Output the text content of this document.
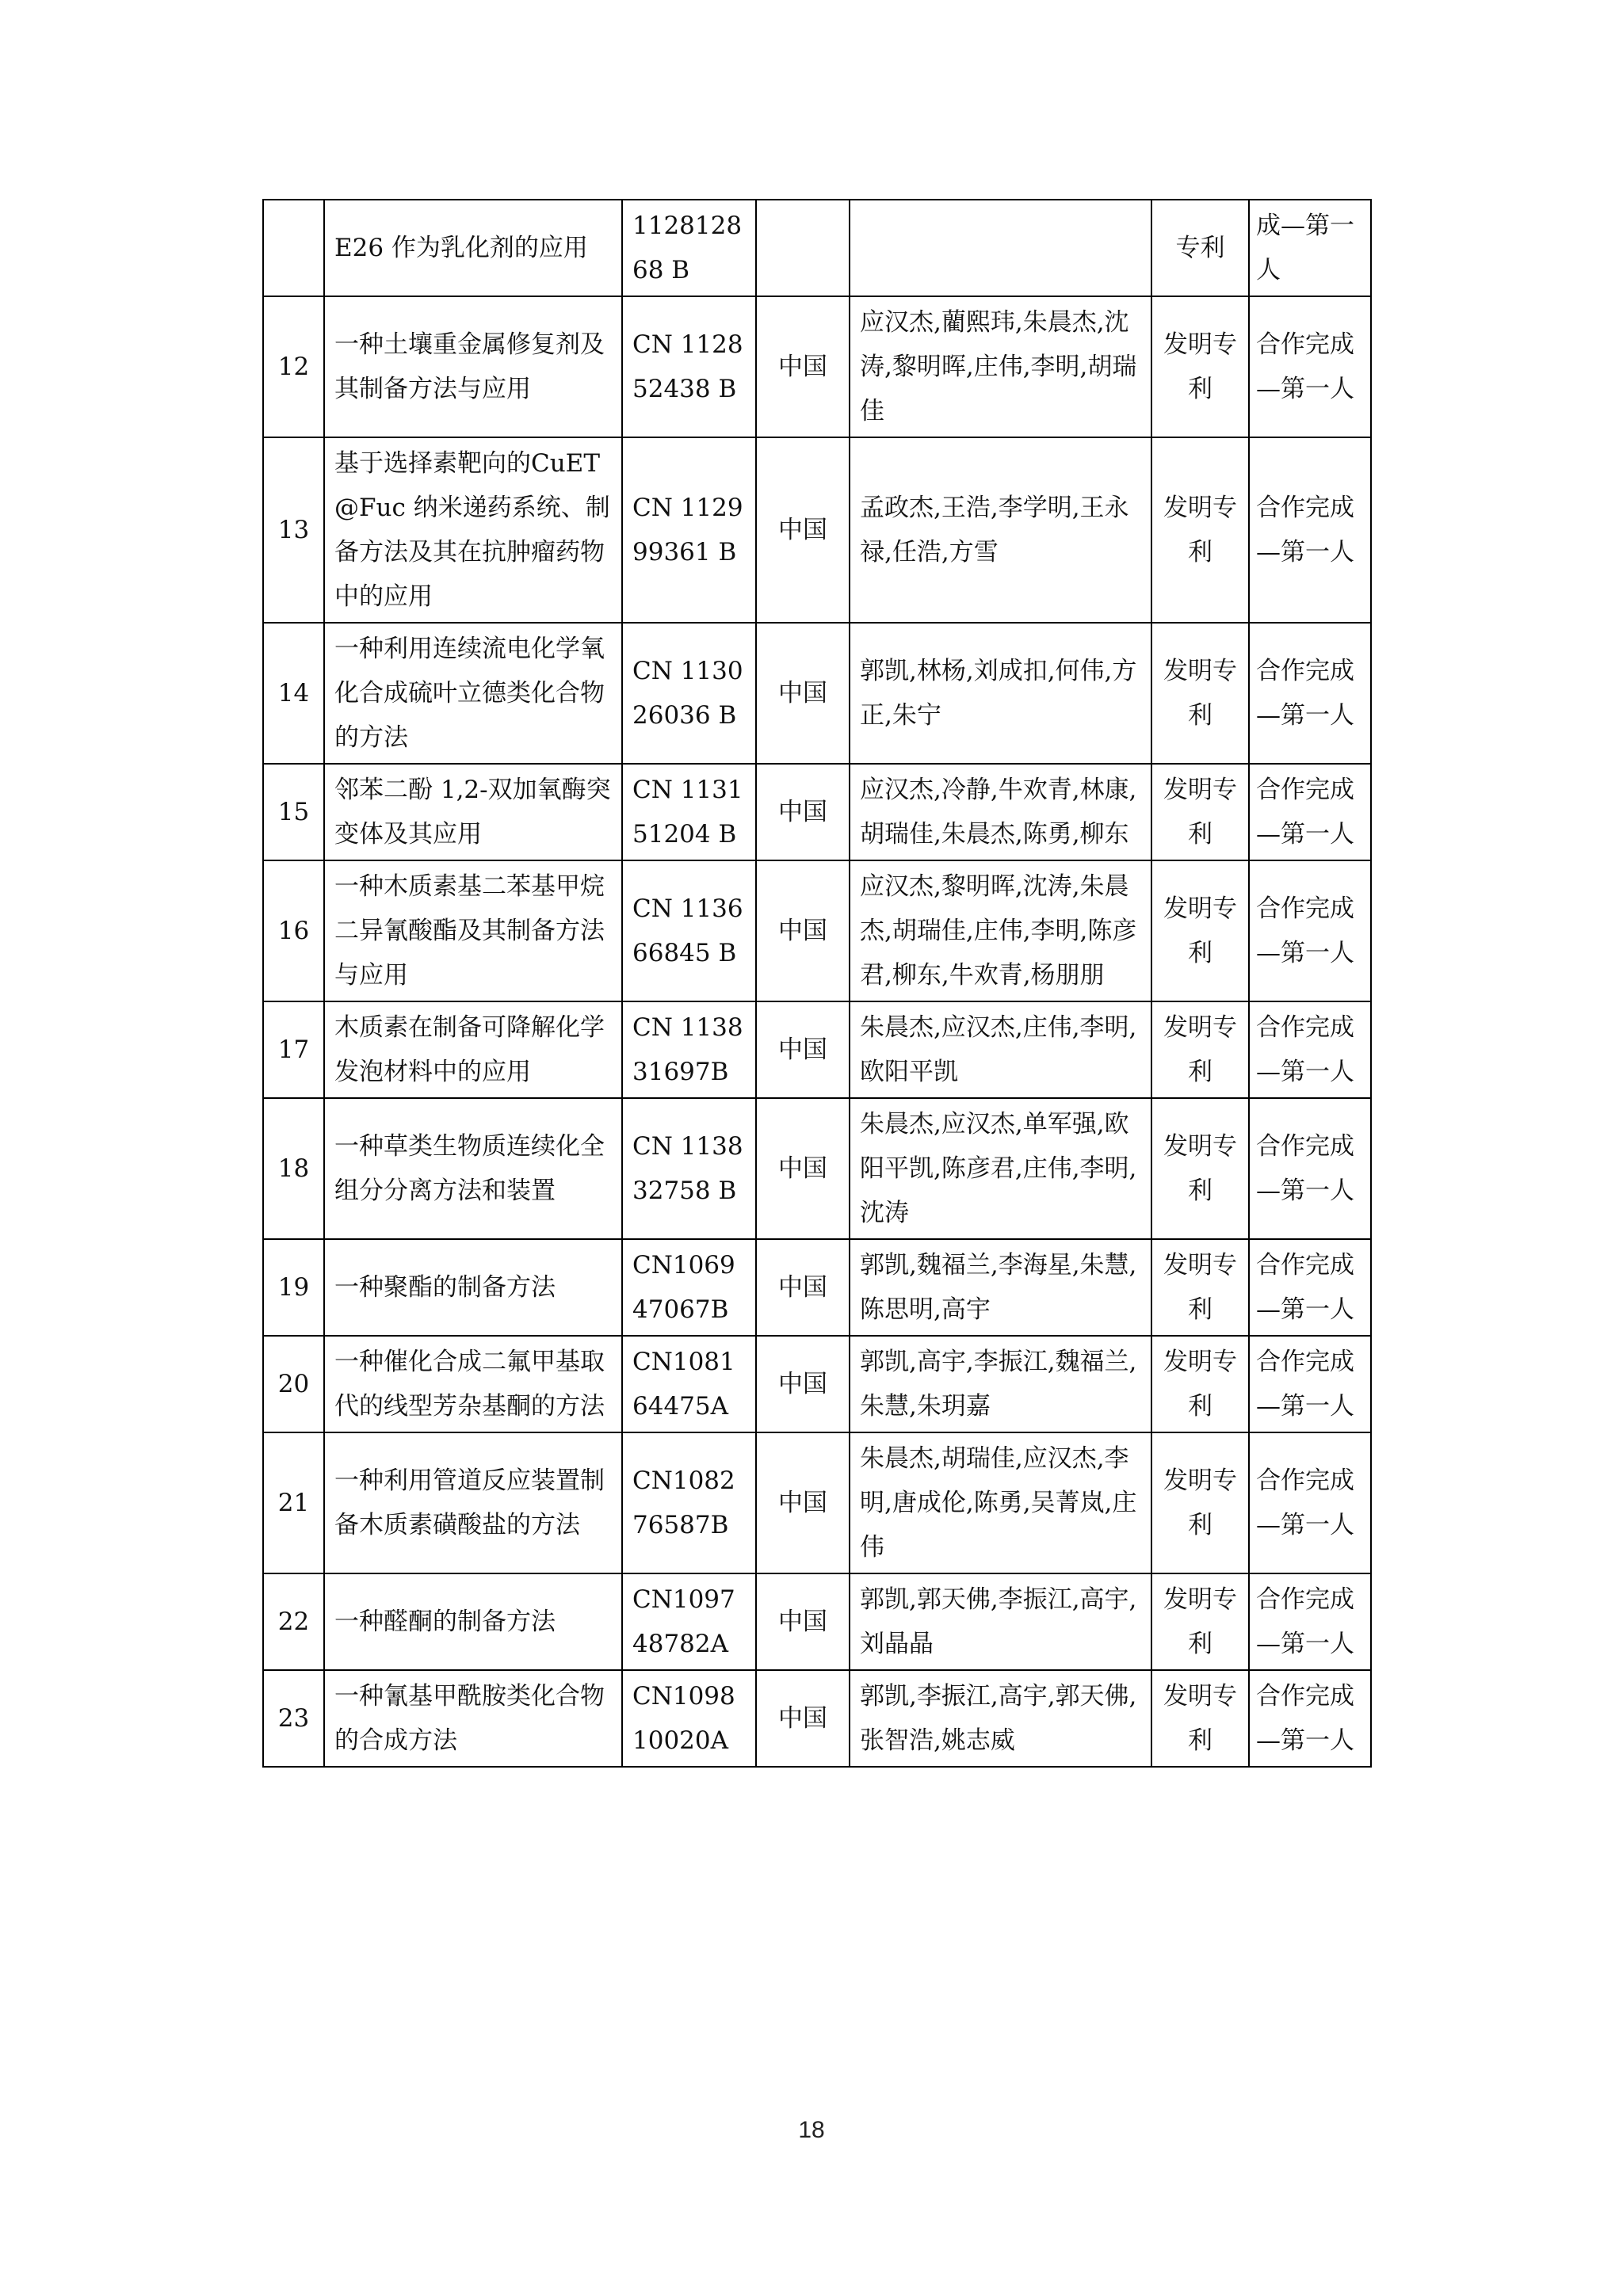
	E26 作为乳化剂的应用	112812868 B			专利	成—第一人
12	一种土壤重金属修复剂及其制备方法与应用	CN 112852438 B	中国	应汉杰,藺熙玮,朱晨杰,沈涛,黎明晖,庄伟,李明,胡瑞佳	发明专利	合作完成—第一人
13	基于选择素靶向的CuET@Fuc 纳米递药系统、制备方法及其在抗肿瘤药物中的应用	CN 112999361 B	中国	孟政杰,王浩,李学明,王永禄,任浩,方雪	发明专利	合作完成—第一人
14	一种利用连续流电化学氧化合成硫叶立德类化合物的方法	CN 113026036 B	中国	郭凯,林杨,刘成扣,何伟,方正,朱宁	发明专利	合作完成—第一人
15	邻苯二酚 1,2-双加氧酶突变体及其应用	CN 113151204 B	中国	应汉杰,冷静,牛欢青,林康,胡瑞佳,朱晨杰,陈勇,柳东	发明专利	合作完成—第一人
16	一种木质素基二苯基甲烷二异氰酸酯及其制备方法与应用	CN 113666845 B	中国	应汉杰,黎明晖,沈涛,朱晨杰,胡瑞佳,庄伟,李明,陈彦君,柳东,牛欢青,杨朋朋	发明专利	合作完成—第一人
17	木质素在制备可降解化学发泡材料中的应用	CN 113831697B	中国	朱晨杰,应汉杰,庄伟,李明,欧阳平凯	发明专利	合作完成—第一人
18	一种草类生物质连续化全组分分离方法和装置	CN 113832758 B	中国	朱晨杰,应汉杰,单军强,欧阳平凯,陈彦君,庄伟,李明,沈涛	发明专利	合作完成—第一人
19	一种聚酯的制备方法	CN106947067B	中国	郭凯,魏福兰,李海星,朱慧,陈思明,高宇	发明专利	合作完成—第一人
20	一种催化合成二氟甲基取代的线型芳杂基酮的方法	CN108164475A	中国	郭凯,高宇,李振江,魏福兰,朱慧,朱玥嘉	发明专利	合作完成—第一人
21	一种利用管道反应装置制备木质素磺酸盐的方法	CN108276587B	中国	朱晨杰,胡瑞佳,应汉杰,李明,唐成伦,陈勇,吴菁岚,庄伟	发明专利	合作完成—第一人
22	一种醛酮的制备方法	CN109748782A	中国	郭凯,郭天佛,李振江,高宇,刘晶晶	发明专利	合作完成—第一人
23	一种氰基甲酰胺类化合物的合成方法	CN109810020A	中国	郭凯,李振江,高宇,郭天佛,张智浩,姚志威	发明专利	合作完成—第一人
18
